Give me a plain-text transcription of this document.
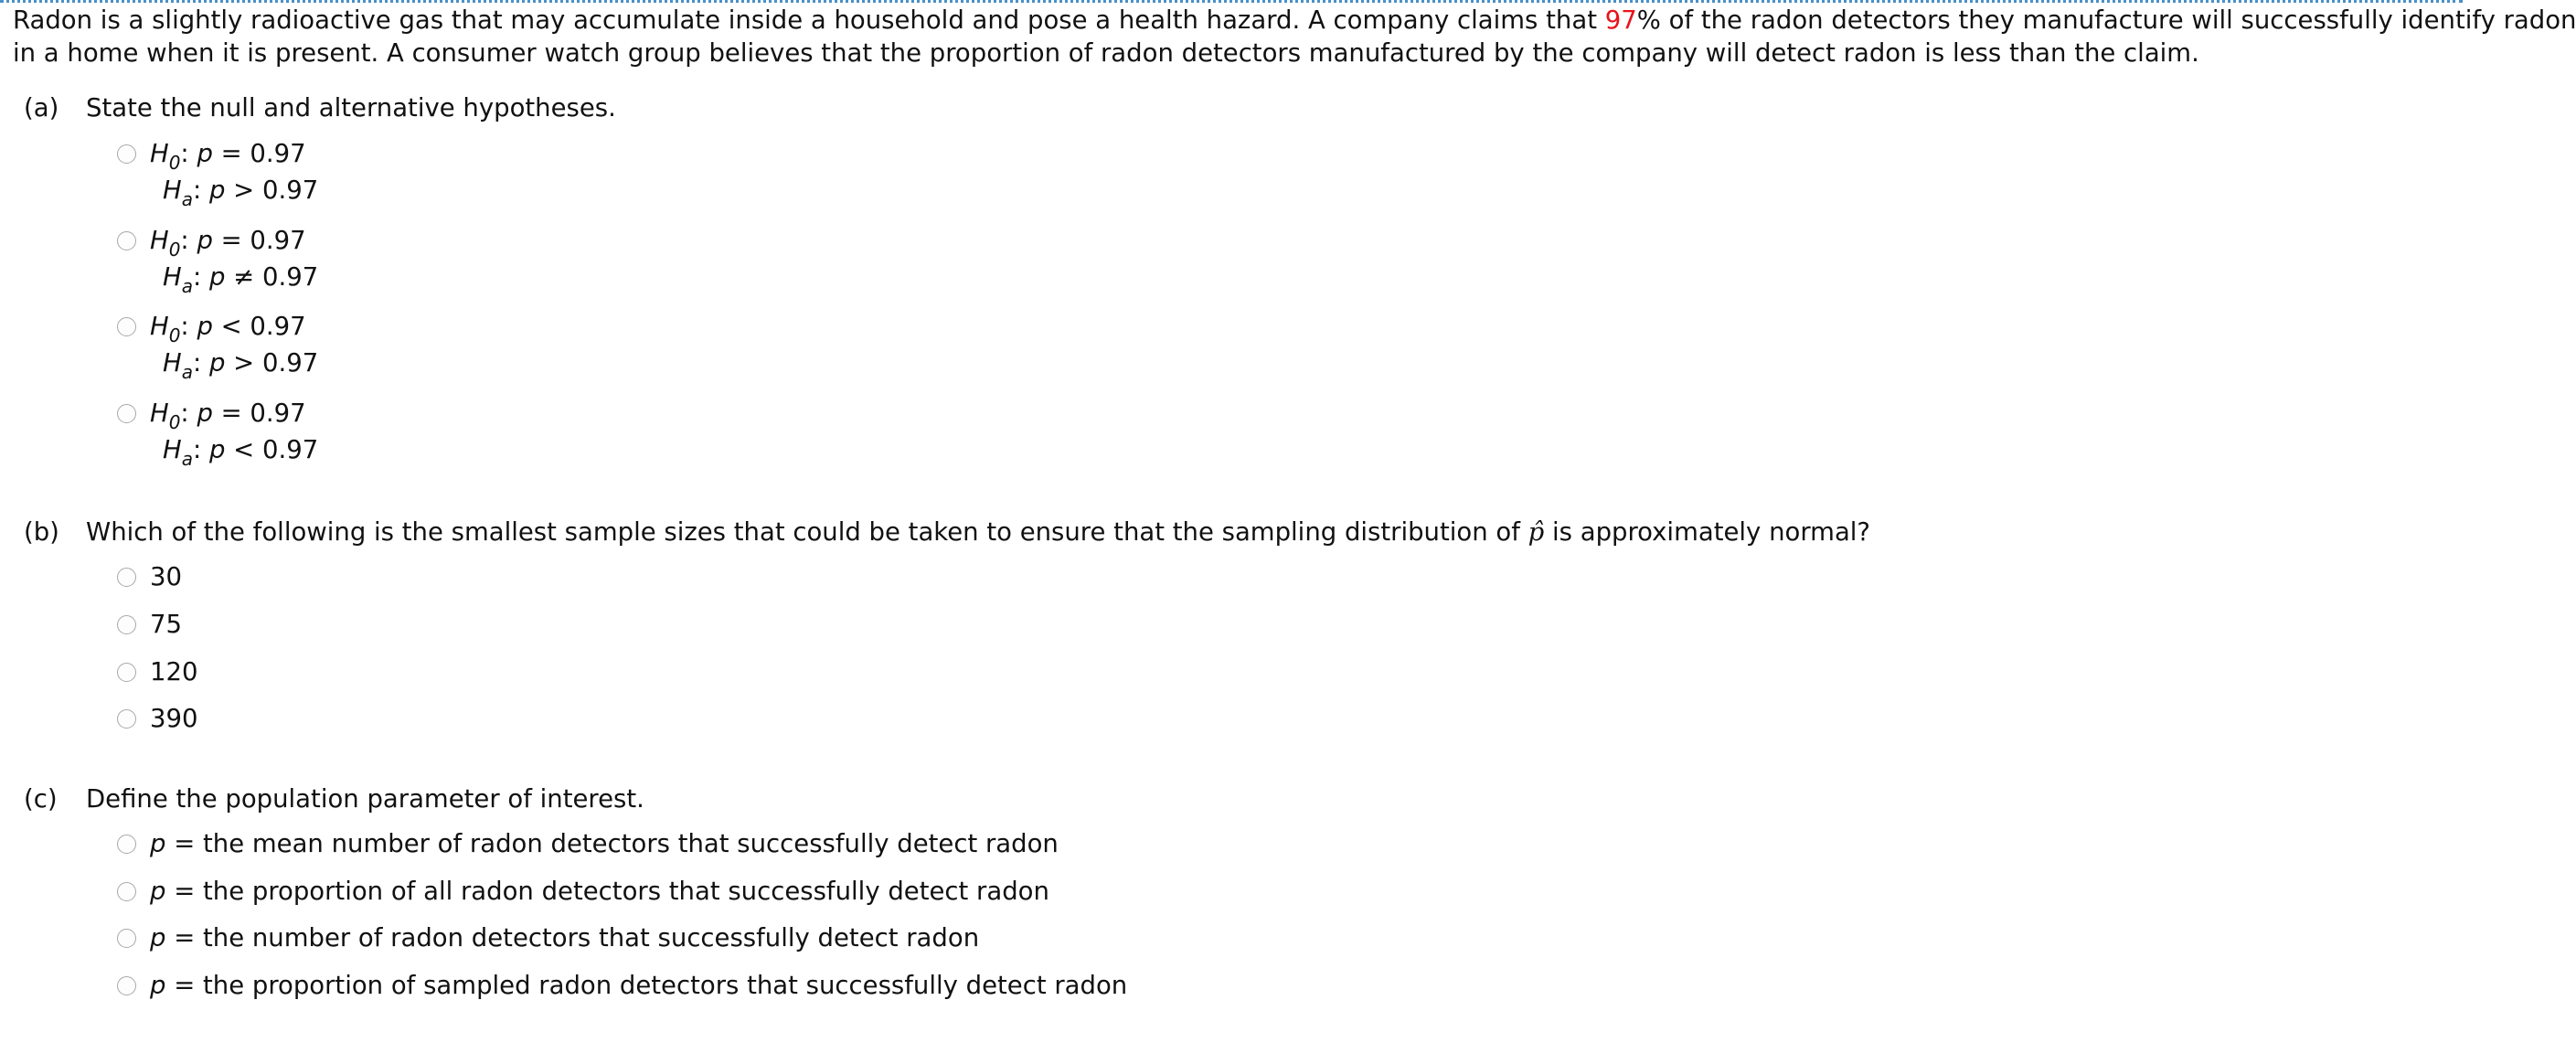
Radon is a slightly radioactive gas that may accumulate inside a household and pose a health hazard. A company claims that 97% of the radon detectors they manufacture will successfully identify radon
in a home when it is present. A consumer watch group believes that the proportion of radon detectors manufactured by the company will detect radon is less than the claim.
(a) State the null and alternative hypotheses.
$H_0$: p = 0.97
$H_a$: p > 0.97
$H_0$: p = 0.97
$H_a$: p ≠ 0.97
$H_0$: p < 0.97
$H_a$: p > 0.97
$H_0$: p = 0.97
$H_a$: p < 0.97
(b) Which of the following is the smallest sample sizes that could be taken to ensure that the sampling distribution of p̂ is approximately normal?
30
75
120
390
(c) Define the population parameter of interest.
p = the mean number of radon detectors that successfully detect radon
p = the proportion of all radon detectors that successfully detect radon
p = the number of radon detectors that successfully detect radon
p = the proportion of sampled radon detectors that successfully detect radon
